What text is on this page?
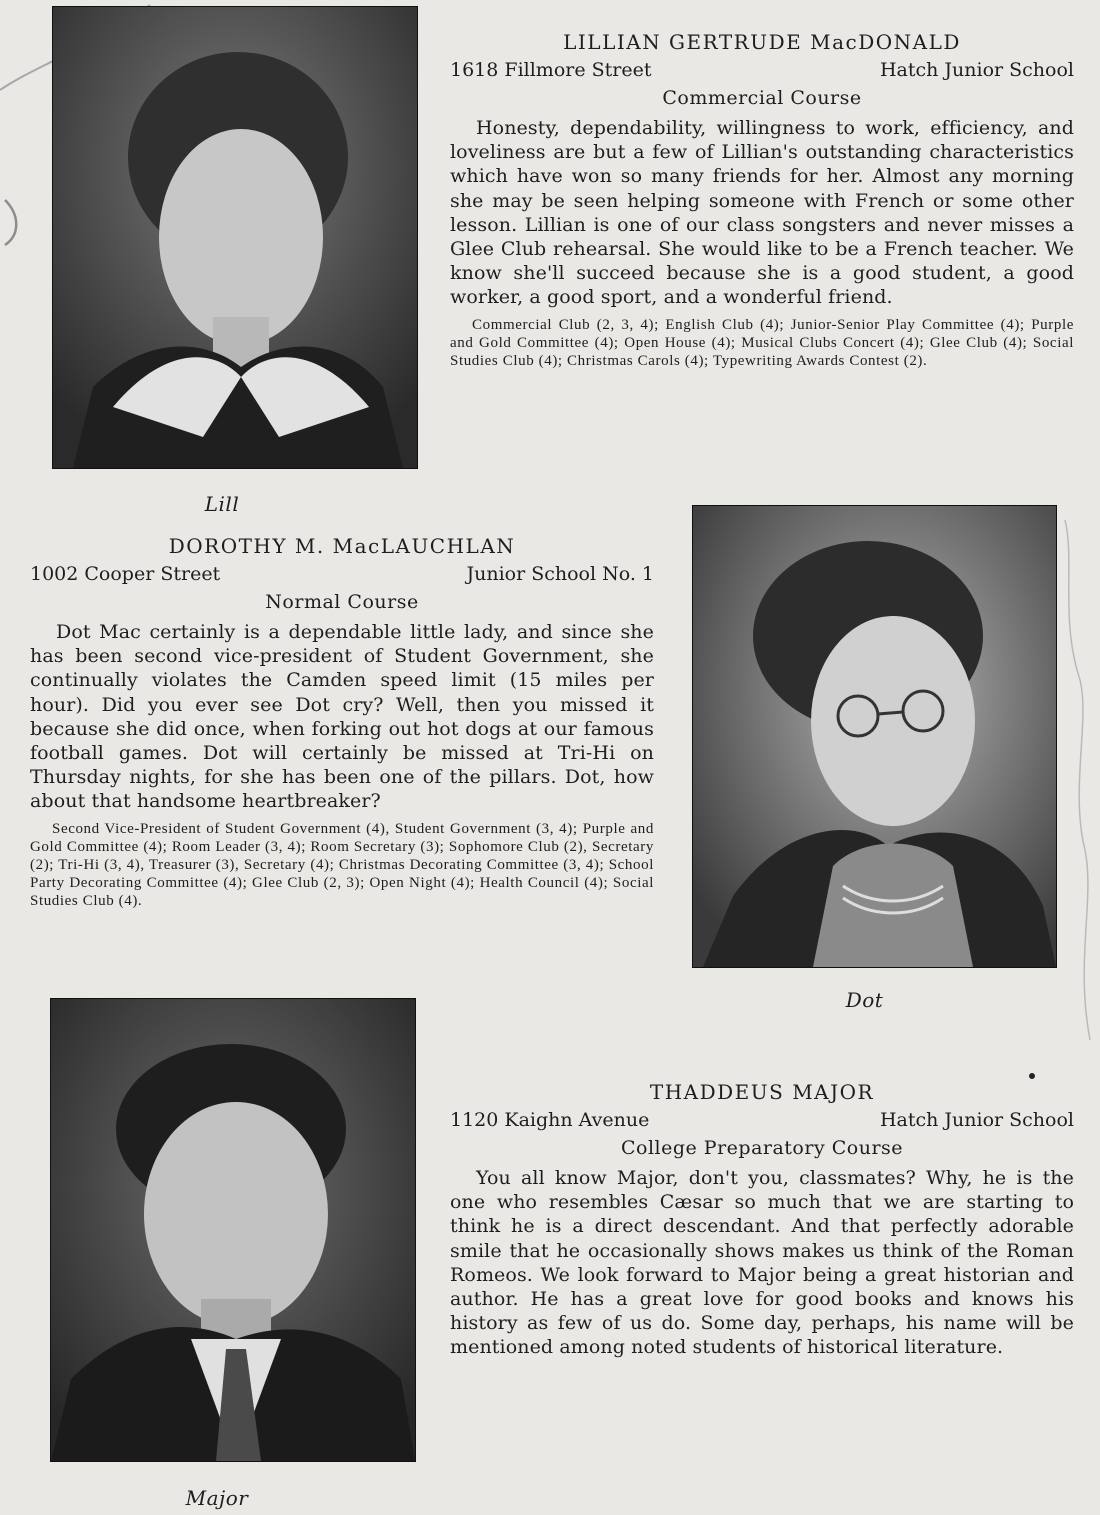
Lill
LILLIAN GERTRUDE MacDONALD
1618 Fillmore Street	Hatch Junior School
Commercial Course

Honesty, dependability, willingness to work, efficiency, and loveliness are but a few of Lillian's outstanding characteristics which have won so many friends for her. Almost any morning she may be seen helping someone with French or some other lesson. Lillian is one of our class songsters and never misses a Glee Club rehearsal. She would like to be a French teacher. We know she'll succeed because she is a good student, a good worker, a good sport, and a wonderful friend.

Commercial Club (2, 3, 4); English Club (4); Junior-Senior Play Committee (4); Purple and Gold Committee (4); Open House (4); Musical Clubs Concert (4); Glee Club (4); Social Studies Club (4); Christmas Carols (4); Typewriting Awards Contest (2).

DOROTHY M. MacLAUCHLAN
1002 Cooper Street	Junior School No. 1
Normal Course

Dot Mac certainly is a dependable little lady, and since she has been second vice-president of Student Government, she continually violates the Camden speed limit (15 miles per hour). Did you ever see Dot cry? Well, then you missed it because she did once, when forking out hot dogs at our famous football games. Dot will certainly be missed at Tri-Hi on Thursday nights, for she has been one of the pillars. Dot, how about that handsome heartbreaker?

Second Vice-President of Student Government (4), Student Government (3, 4); Purple and Gold Committee (4); Room Leader (3, 4); Room Secretary (3); Sophomore Club (2), Secretary (2); Tri-Hi (3, 4), Treasurer (3), Secretary (4); Christmas Decorating Committee (3, 4); School Party Decorating Committee (4); Glee Club (2, 3); Open Night (4); Health Council (4); Social Studies Club (4).

Dot
Major
THADDEUS MAJOR
1120 Kaighn Avenue	Hatch Junior School
College Preparatory Course

You all know Major, don't you, classmates? Why, he is the one who resembles Cæsar so much that we are starting to think he is a direct descendant. And that perfectly adorable smile that he occasionally shows makes us think of the Roman Romeos. We look forward to Major being a great historian and author. He has a great love for good books and knows his history as few of us do. Some day, perhaps, his name will be mentioned among noted students of historical literature.
